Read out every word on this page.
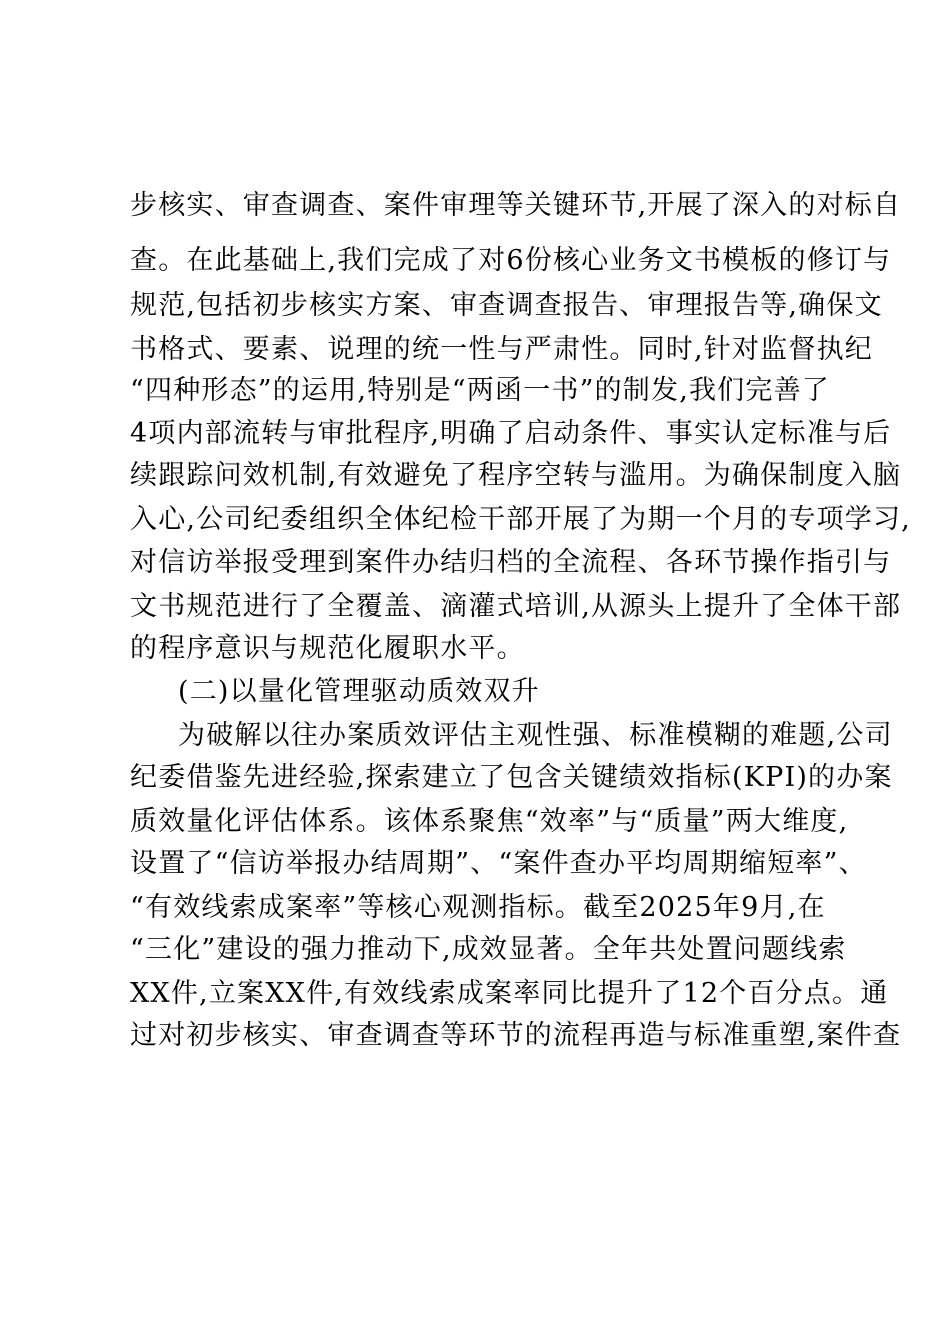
步核实、审查调查、案件审理等关键环节,开展了深入的对标自
查。在此基础上,我们完成了对6份核心业务文书模板的修订与
规范,包括初步核实方案、审查调查报告、审理报告等,确保文
书格式、要素、说理的统一性与严肃性。同时,针对监督执纪
“四种形态”的运用,特别是“两函一书”的制发,我们完善了
4项内部流转与审批程序,明确了启动条件、事实认定标准与后
续跟踪问效机制,有效避免了程序空转与滥用。为确保制度入脑
入心,公司纪委组织全体纪检干部开展了为期一个月的专项学习,
对信访举报受理到案件办结归档的全流程、各环节操作指引与
文书规范进行了全覆盖、滴灌式培训,从源头上提升了全体干部
的程序意识与规范化履职水平。
(二)以量化管理驱动质效双升
为破解以往办案质效评估主观性强、标准模糊的难题,公司
纪委借鉴先进经验,探索建立了包含关键绩效指标(KPI)的办案
质效量化评估体系。该体系聚焦“效率”与“质量”两大维度,
设置了“信访举报办结周期”、“案件查办平均周期缩短率”、
“有效线索成案率”等核心观测指标。截至2025年9月,在
“三化”建设的强力推动下,成效显著。全年共处置问题线索
XX件,立案XX件,有效线索成案率同比提升了12个百分点。通
过对初步核实、审查调查等环节的流程再造与标准重塑,案件查
